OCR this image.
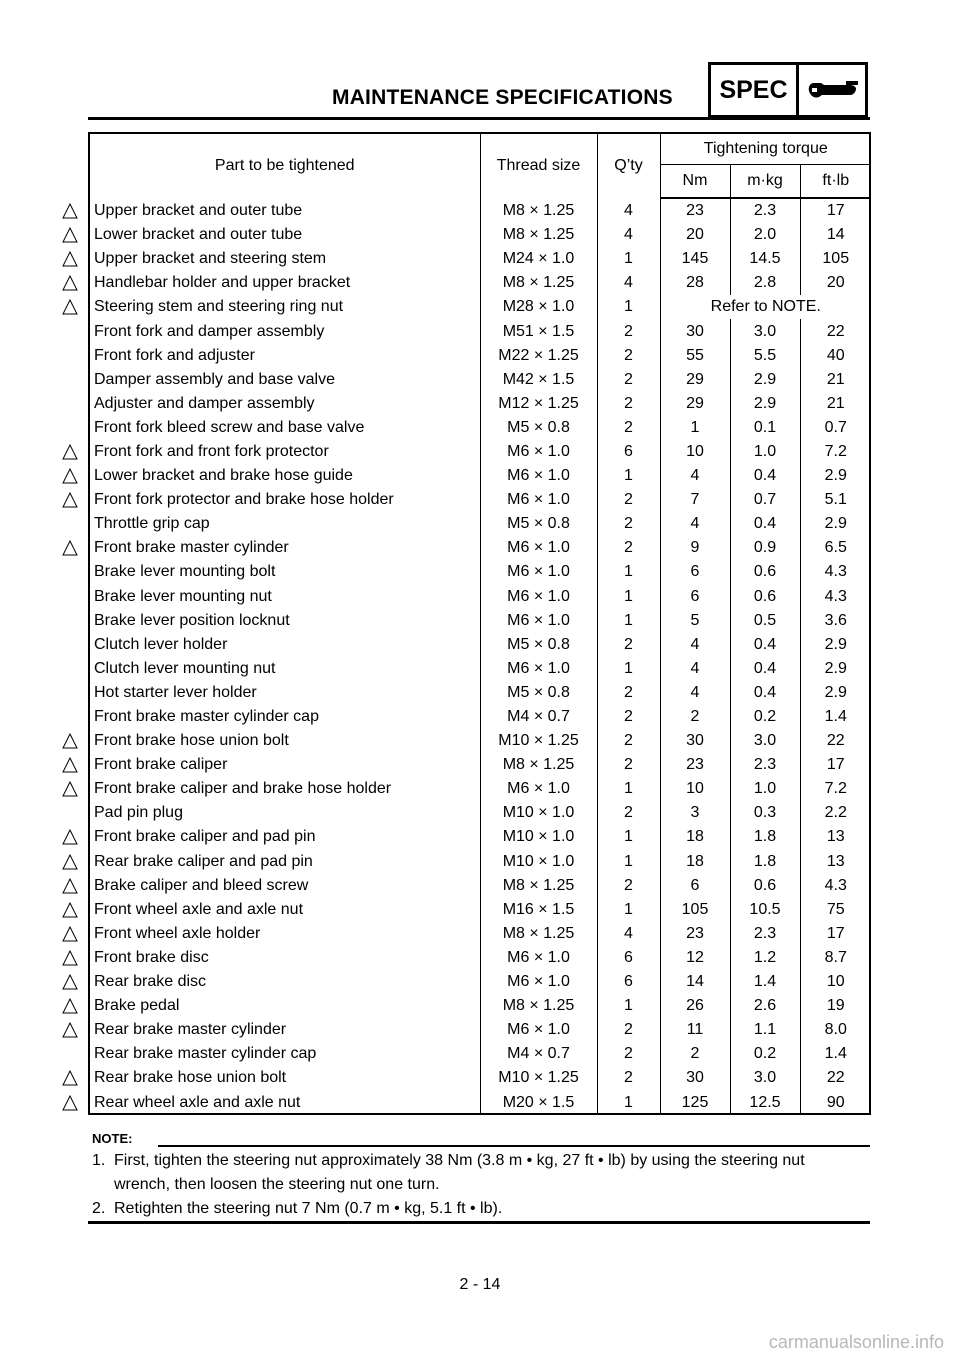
MAINTENANCE SPECIFICATIONS	SPEC
Part to be tightened	Thread size	Q’ty	Tightening torque		
			Nm	m·kg	ft·lb
Upper bracket and outer tube	M8 × 1.25	4	23	2.3	17
Lower bracket and outer tube	M8 × 1.25	4	20	2.0	14
Upper bracket and steering stem	M24 × 1.0	1	145	14.5	105
Handlebar holder and upper bracket	M8 × 1.25	4	28	2.8	20
Steering stem and steering ring nut	M28 × 1.0	1	Refer to NOTE.		
Front fork and damper assembly	M51 × 1.5	2	30	3.0	22
Front fork and adjuster	M22 × 1.25	2	55	5.5	40
Damper assembly and base valve	M42 × 1.5	2	29	2.9	21
Adjuster and damper assembly	M12 × 1.25	2	29	2.9	21
Front fork bleed screw and base valve	M5 × 0.8	2	1	0.1	0.7
Front fork and front fork protector	M6 × 1.0	6	10	1.0	7.2
Lower bracket and brake hose guide	M6 × 1.0	1	4	0.4	2.9
Front fork protector and brake hose holder	M6 × 1.0	2	7	0.7	5.1
Throttle grip cap	M5 × 0.8	2	4	0.4	2.9
Front brake master cylinder	M6 × 1.0	2	9	0.9	6.5
Brake lever mounting bolt	M6 × 1.0	1	6	0.6	4.3
Brake lever mounting nut	M6 × 1.0	1	6	0.6	4.3
Brake lever position locknut	M6 × 1.0	1	5	0.5	3.6
Clutch lever holder	M5 × 0.8	2	4	0.4	2.9
Clutch lever mounting nut	M6 × 1.0	1	4	0.4	2.9
Hot starter lever holder	M5 × 0.8	2	4	0.4	2.9
Front brake master cylinder cap	M4 × 0.7	2	2	0.2	1.4
Front brake hose union bolt	M10 × 1.25	2	30	3.0	22
Front brake caliper	M8 × 1.25	2	23	2.3	17
Front brake caliper and brake hose holder	M6 × 1.0	1	10	1.0	7.2
Pad pin plug	M10 × 1.0	2	3	0.3	2.2
Front brake caliper and pad pin	M10 × 1.0	1	18	1.8	13
Rear brake caliper and pad pin	M10 × 1.0	1	18	1.8	13
Brake caliper and bleed screw	M8 × 1.25	2	6	0.6	4.3
Front wheel axle and axle nut	M16 × 1.5	1	105	10.5	75
Front wheel axle holder	M8 × 1.25	4	23	2.3	17
Front brake disc	M6 × 1.0	6	12	1.2	8.7
Rear brake disc	M6 × 1.0	6	14	1.4	10
Brake pedal	M8 × 1.25	1	26	2.6	19
Rear brake master cylinder	M6 × 1.0	2	11	1.1	8.0
Rear brake master cylinder cap	M4 × 0.7	2	2	0.2	1.4
Rear brake hose union bolt	M10 × 1.25	2	30	3.0	22
Rear wheel axle and axle nut	M20 × 1.5	1	125	12.5	90
NOTE:
1. First, tighten the steering nut approximately 38 Nm (3.8 m • kg, 27 ft • lb) by using the steering nut
wrench, then loosen the steering nut one turn.
2. Retighten the steering nut 7 Nm (0.7 m • kg, 5.1 ft • lb).
2 - 14
carmanualsonline.info
